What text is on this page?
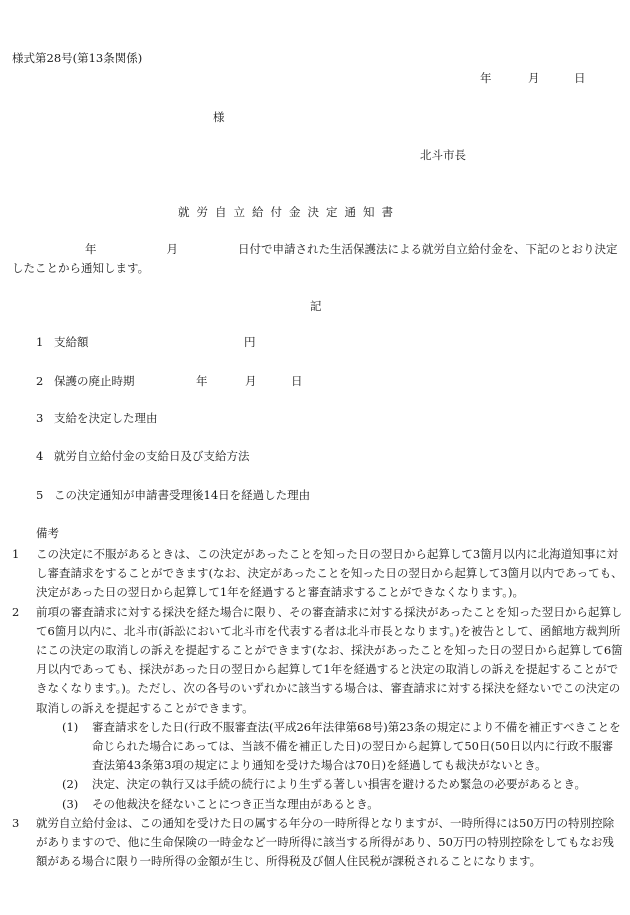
様式第28号(第13条関係)
年	月	日
様
北斗市長
就労自立給付金決定通知書
年	月	日付で申請された生活保護法による就労自立給付金を、下記のとおり決定したことから通知します。
記
1 支給額	円
2 保護の廃止時期	年	月	日
3 支給を決定した理由
4 就労自立給付金の支給日及び支給方法
5 この決定通知が申請書受理後14日を経過した理由
備考

1 この決定に不服があるときは、この決定があったことを知った日の翌日から起算して3箇月以内に北海道知事に対し審査請求をすることができます(なお、決定があったことを知った日の翌日から起算して3箇月以内であっても、決定があった日の翌日から起算して1年を経過すると審査請求することができなくなります。)。

2 前項の審査請求に対する採決を経た場合に限り、その審査請求に対する採決があったことを知った翌日から起算して6箇月以内に、北斗市(訴訟において北斗市を代表する者は北斗市長となります。)を被告として、函館地方裁判所にこの決定の取消しの訴えを提起することができます(なお、採決があったことを知った日の翌日から起算して6箇月以内であっても、採決があった日の翌日から起算して1年を経過すると決定の取消しの訴えを提起することができなくなります。)。ただし、次の各号のいずれかに該当する場合は、審査請求に対する採決を経ないでこの決定の取消しの訴えを提起することができます。

(1) 審査請求をした日(行政不服審査法(平成26年法律第68号)第23条の規定により不備を補正すべきことを命じられた場合にあっては、当該不備を補正した日)の翌日から起算して50日(50日以内に行政不服審査法第43条第3項の規定により通知を受けた場合は70日)を経過しても裁決がないとき。

(2) 決定、決定の執行又は手続の続行により生ずる著しい損害を避けるため緊急の必要があるとき。

(3) その他裁決を経ないことにつき正当な理由があるとき。

3 就労自立給付金は、この通知を受けた日の属する年分の一時所得となりますが、一時所得には50万円の特別控除がありますので、他に生命保険の一時金など一時所得に該当する所得があり、50万円の特別控除をしてもなお残額がある場合に限り一時所得の金額が生じ、所得税及び個人住民税が課税されることになります。
